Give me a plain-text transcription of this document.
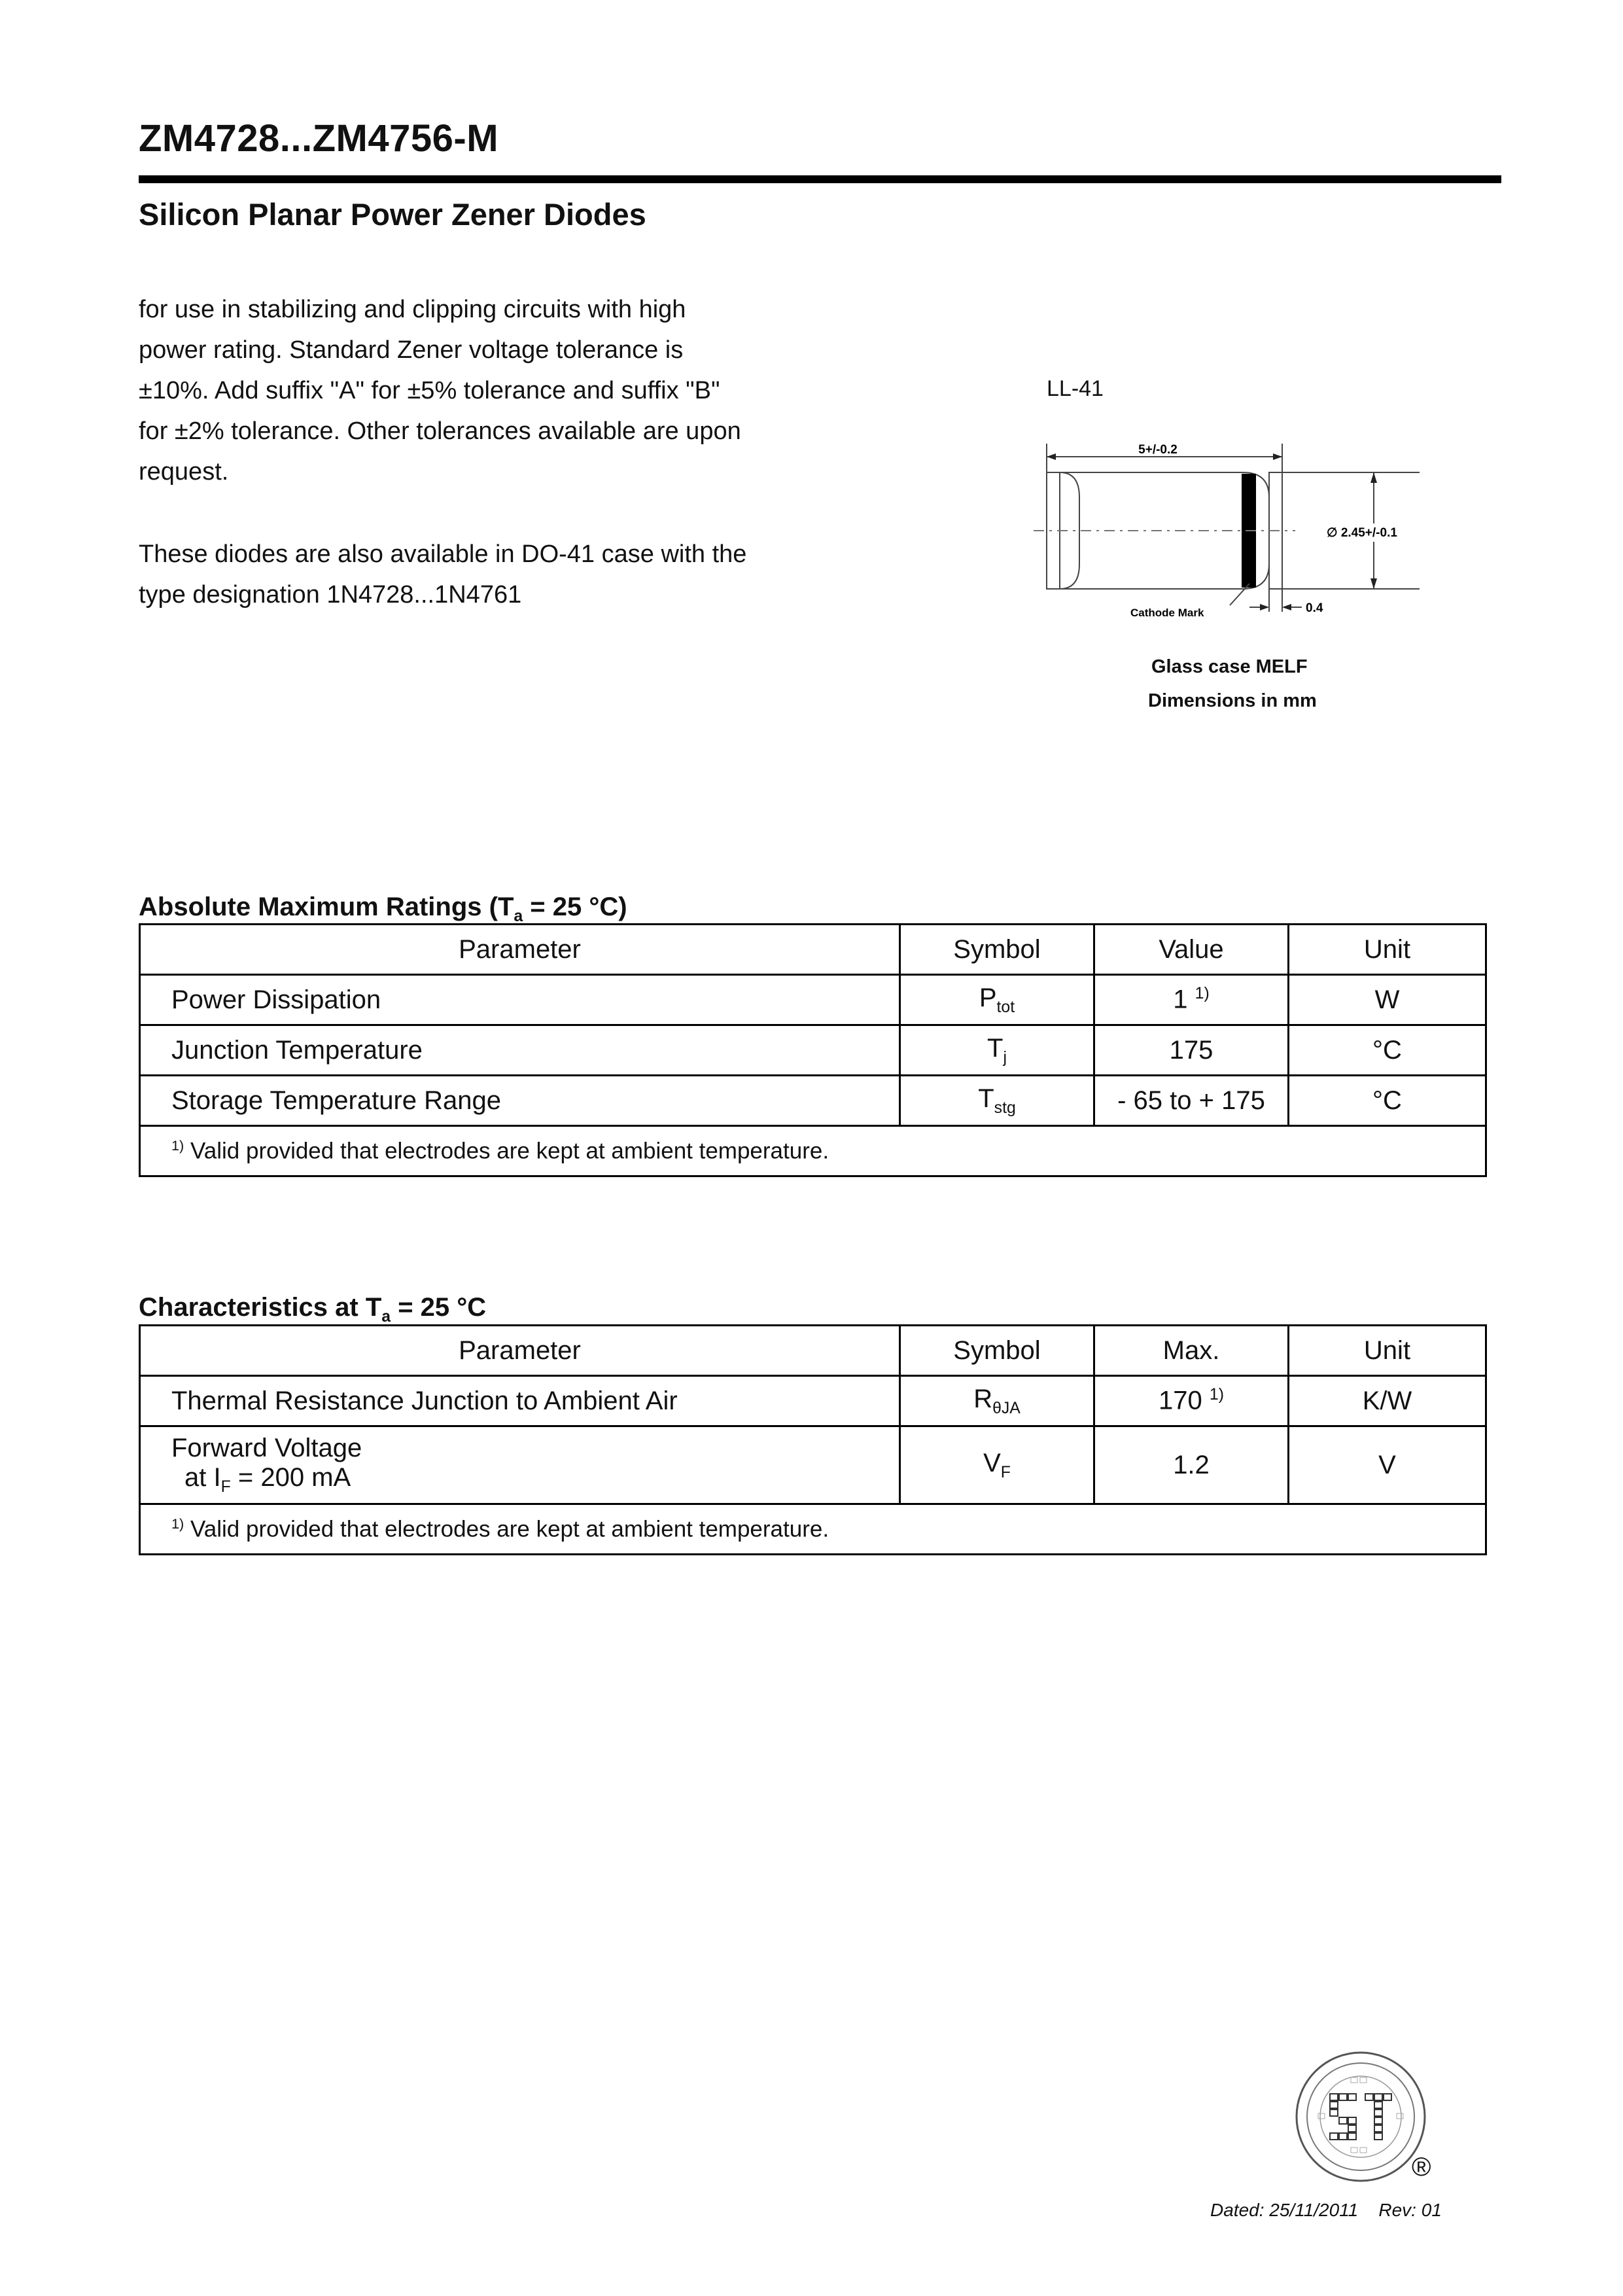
ZM4728...ZM4756-M
Silicon Planar Power Zener Diodes
for use in stabilizing and clipping circuits with high
power rating. Standard Zener voltage tolerance is
±10%. Add suffix "A" for ±5% tolerance and suffix "B"
for ±2% tolerance. Other tolerances available are upon
request.
These diodes are also available in DO-41 case with the
type designation 1N4728...1N4761
LL-41
5+/-0.2
∅ 2.45+/-0.1
0.4
Cathode Mark
Glass case MELF
Dimensions in mm
Absolute Maximum Ratings ($T_a = 25$ °C)
Parameter	Symbol	Value	Unit
Power Dissipation	$P_{tot}$	1 $^{1)}$	W
Junction Temperature	$T_j$	175	°C
Storage Temperature Range	$T_{stg}$	- 65 to + 175	°C
$^{1)}$ Valid provided that electrodes are kept at ambient temperature.			
Characteristics at $T_a = 25$ °C
Parameter	Symbol	Max.	Unit
Thermal Resistance Junction to Ambient Air	$R_{\theta JA}$	170 $^{1)}$	K/W
Forward Voltage
at $I_F = 200$ mA	$V_F$	1.2	V
$^{1)}$ Valid provided that electrodes are kept at ambient temperature.			
®
Dated: 25/11/2011 Rev: 01
